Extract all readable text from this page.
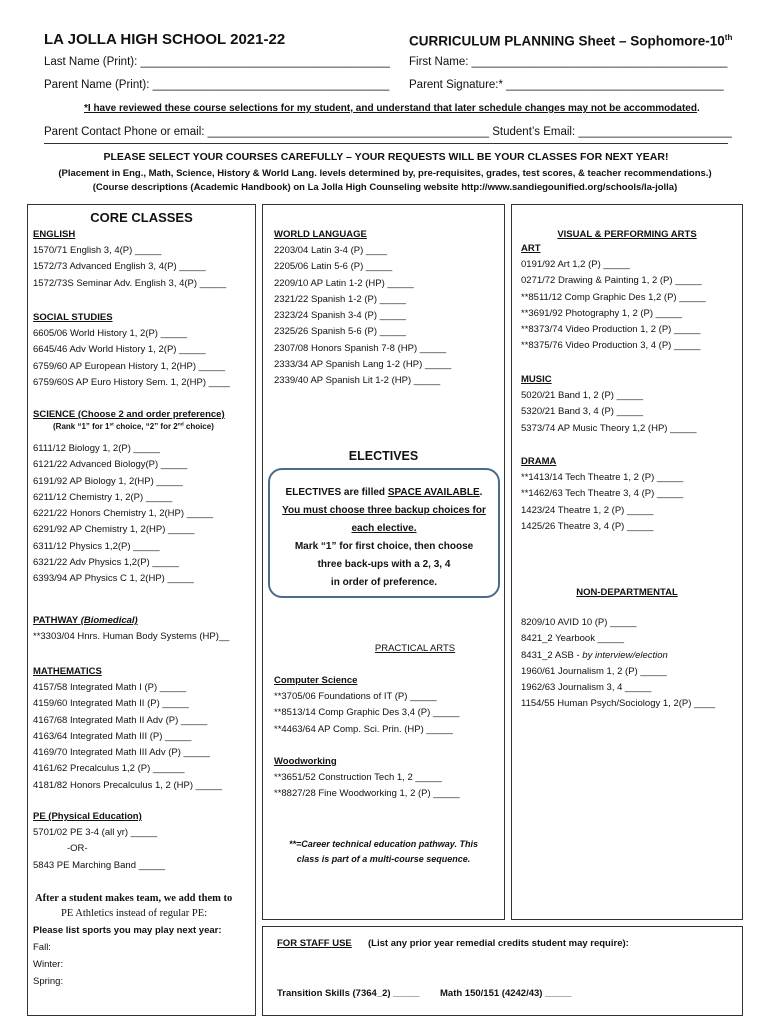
LA JOLLA HIGH SCHOOL 2021-22	CURRICULUM PLANNING Sheet – Sophomore-10th
Last Name (Print): _______________________________________ First Name: ________________________________________
Parent Name (Print): _____________________________________ Parent Signature:* __________________________________
*I have reviewed these course selections for my student, and understand that later schedule changes may not be accommodated.
Parent Contact Phone or email: ____________________________________________ Student’s Email: ________________________
PLEASE SELECT YOUR COURSES CAREFULLY – YOUR REQUESTS WILL BE YOUR CLASSES FOR NEXT YEAR!
(Placement in Eng., Math, Science, History & World Lang. levels determined by, pre-requisites, grades, test scores, & teacher recommendations.)
(Course descriptions (Academic Handbook) on La Jolla High Counseling website http://www.sandiegounified.org/schools/la-jolla)
CORE CLASSES
ENGLISH
1570/71 English 3, 4(P) _____
1572/73 Advanced English 3, 4(P) _____
1572/73S Seminar Adv. English 3, 4(P) _____
SOCIAL STUDIES
6605/06 World History 1, 2(P) _____
6645/46 Adv World History 1, 2(P) _____
6759/60 AP European History 1, 2(HP) _____
6759/60S AP Euro History Sem. 1, 2(HP) ____
SCIENCE (Choose 2 and order preference)
(Rank “1” for 1st choice, “2” for 2nd choice)
6111/12 Biology 1, 2(P) _____
6121/22 Advanced Biology(P) _____
6191/92 AP Biology 1, 2(HP) _____
6211/12 Chemistry 1, 2(P) _____
6221/22 Honors Chemistry 1, 2(HP) _____
6291/92 AP Chemistry 1, 2(HP) _____
6311/12 Physics 1,2(P) _____
6321/22 Adv Physics 1,2(P) _____
6393/94 AP Physics C 1, 2(HP) _____
PATHWAY (Biomedical)
**3303/04 Hnrs. Human Body Systems (HP)__
MATHEMATICS
4157/58 Integrated Math I (P) _____
4159/60 Integrated Math II (P) _____
4167/68 Integrated Math II Adv (P) _____
4163/64 Integrated Math III (P) _____
4169/70 Integrated Math III Adv (P) _____
4161/62 Precalculus 1,2 (P) ______
4181/82 Honors Precalculus 1, 2 (HP) _____
PE (Physical Education)
5701/02 PE 3-4 (all yr) _____
-OR-
5843 PE Marching Band _____
After a student makes team, we add them to
PE Athletics instead of regular PE:
Please list sports you may play next year:
Fall:
Winter:
Spring:
WORLD LANGUAGE
2203/04 Latin 3-4 (P) ____
2205/06 Latin 5-6 (P) _____
2209/10 AP Latin 1-2 (HP) _____
2321/22 Spanish 1-2 (P) _____
2323/24 Spanish 3-4 (P) _____
2325/26 Spanish 5-6 (P) _____
2307/08 Honors Spanish 7-8 (HP) _____
2333/34 AP Spanish Lang 1-2 (HP) _____
2339/40 AP Spanish Lit 1-2 (HP) _____
ELECTIVES
ELECTIVES are filled SPACE AVAILABLE.
You must choose three backup choices for
each elective.
Mark “1” for first choice, then choose
three back-ups with a 2, 3, 4
in order of preference.
PRACTICAL ARTS
Computer Science
**3705/06 Foundations of IT (P) _____
**8513/14 Comp Graphic Des 3,4 (P) _____
**4463/64 AP Comp. Sci. Prin. (HP) _____
Woodworking
**3651/52 Construction Tech 1, 2 _____
**8827/28 Fine Woodworking 1, 2 (P) _____
**=Career technical education pathway. This
class is part of a multi-course sequence.
VISUAL & PERFORMING ARTS
ART
0191/92 Art 1,2 (P) _____
0271/72 Drawing & Painting 1, 2 (P) _____
**8511/12 Comp Graphic Des 1,2 (P) _____
**3691/92 Photography 1, 2 (P) _____
**8373/74 Video Production 1, 2 (P) _____
**8375/76 Video Production 3, 4 (P) _____
MUSIC
5020/21 Band 1, 2 (P) _____
5320/21 Band 3, 4 (P) _____
5373/74 AP Music Theory 1,2 (HP) _____
DRAMA
**1413/14 Tech Theatre 1, 2 (P) _____
**1462/63 Tech Theatre 3, 4 (P) _____
1423/24 Theatre 1, 2 (P) _____
1425/26 Theatre 3, 4 (P) _____
NON-DEPARTMENTAL
8209/10 AVID 10 (P) _____
8421_2 Yearbook _____
8431_2 ASB - by interview/election
1960/61 Journalism 1, 2 (P) _____
1962/63 Journalism 3, 4 _____
1154/55 Human Psych/Sociology 1, 2(P) ____
FOR STAFF USE (List any prior year remedial credits student may require):
Transition Skills (7364_2) _____ Math 150/151 (4242/43) _____
